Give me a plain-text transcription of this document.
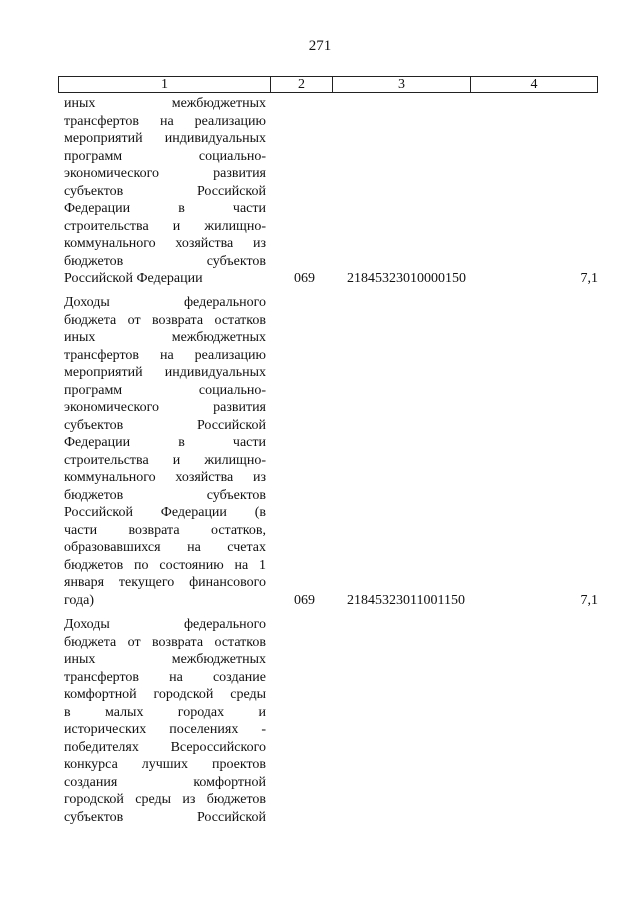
271
1	2	3	4
иных межбюджетных
трансфертов на реализацию
мероприятий индивидуальных
программ социально-
экономического развития
субъектов Российской
Федерации в части
строительства и жилищно-
коммунального хозяйства из
бюджетов субъектов
Российской Федерации	069	21845323010000150	7,1
Доходы федерального
бюджета от возврата остатков
иных межбюджетных
трансфертов на реализацию
мероприятий индивидуальных
программ социально-
экономического развития
субъектов Российской
Федерации в части
строительства и жилищно-
коммунального хозяйства из
бюджетов субъектов
Российской Федерации (в
части возврата остатков,
образовавшихся на счетах
бюджетов по состоянию на 1
января текущего финансового
года)	069	21845323011001150	7,1
Доходы федерального
бюджета от возврата остатков
иных межбюджетных
трансфертов на создание
комфортной городской среды
в малых городах и
исторических поселениях -
победителях Всероссийского
конкурса лучших проектов
создания комфортной
городской среды из бюджетов
субъектов Российской
